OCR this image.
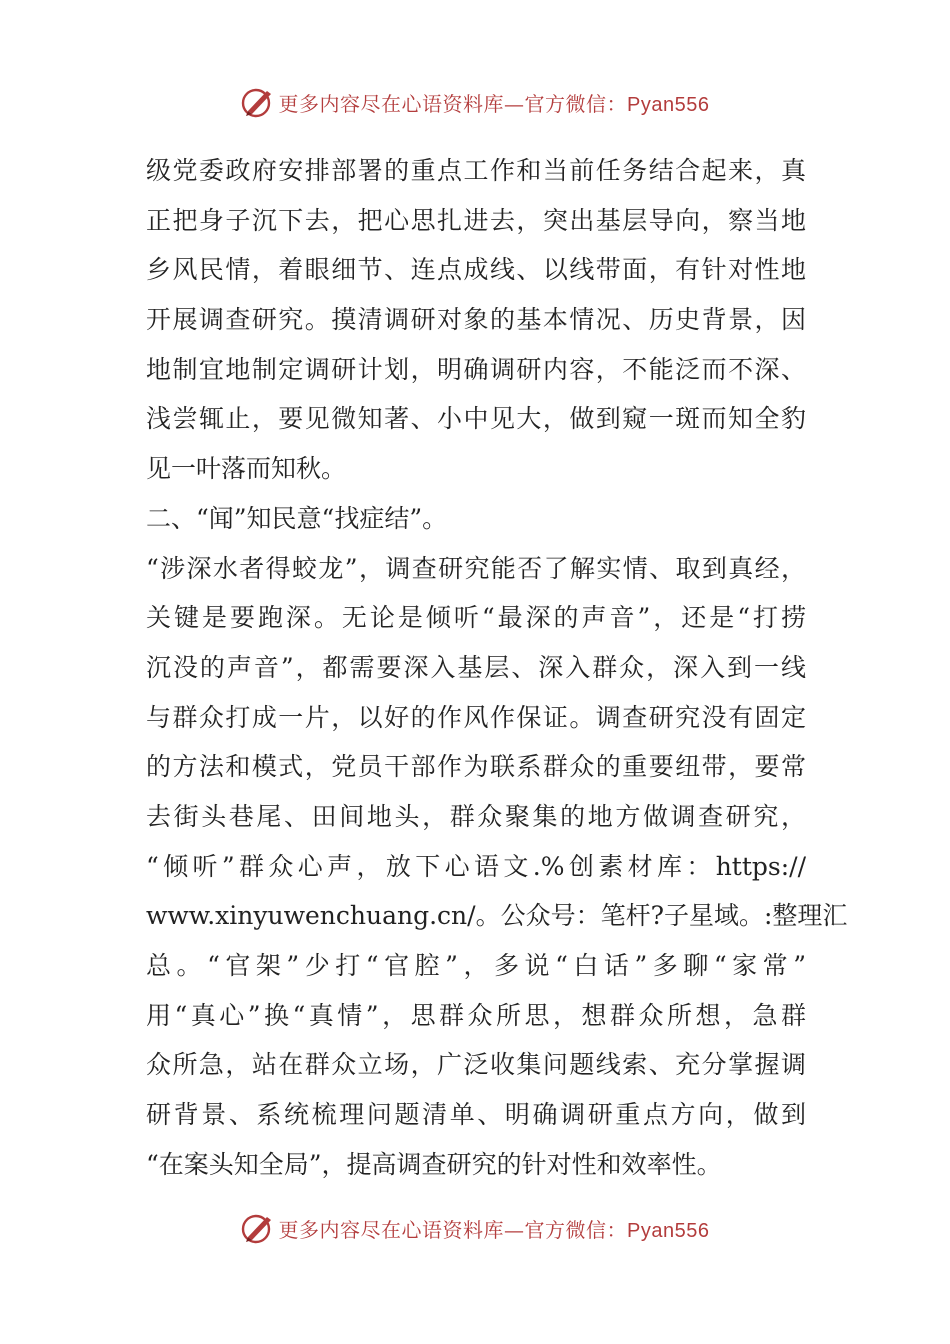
更多内容尽在心语资料库—官方微信：Pyan556
级党委政府安排部署的重点工作和当前任务结合起来，真
正把身子沉下去，把心思扎进去，突出基层导向，察当地
乡风民情，着眼细节、连点成线、以线带面，有针对性地
开展调查研究。摸清调研对象的基本情况、历史背景，因
地制宜地制定调研计划，明确调研内容，不能泛而不深、
浅尝辄止，要见微知著、小中见大，做到窥一斑而知全豹
见一叶落而知秋。
二、“闻”知民意“找症结”。
“涉深水者得蛟龙”，调查研究能否了解实情、取到真经，
关键是要跑深。无论是倾听“最深的声音”，还是“打捞
沉没的声音”，都需要深入基层、深入群众，深入到一线
与群众打成一片，以好的作风作保证。调查研究没有固定
的方法和模式，党员干部作为联系群众的重要纽带，要常
去街头巷尾、田间地头，群众聚集的地方做调查研究，
“倾听”群众心声，放下心语文.%创素材库：https://
www.xinyuwenchuang.cn/。公众号：笔杆?子星域。:整理汇
总。“官架”少打“官腔”，多说“白话”多聊“家常”
用“真心”换“真情”，思群众所思，想群众所想，急群
众所急，站在群众立场，广泛收集问题线索、充分掌握调
研背景、系统梳理问题清单、明确调研重点方向，做到
“在案头知全局”，提高调查研究的针对性和效率性。
更多内容尽在心语资料库—官方微信：Pyan556
